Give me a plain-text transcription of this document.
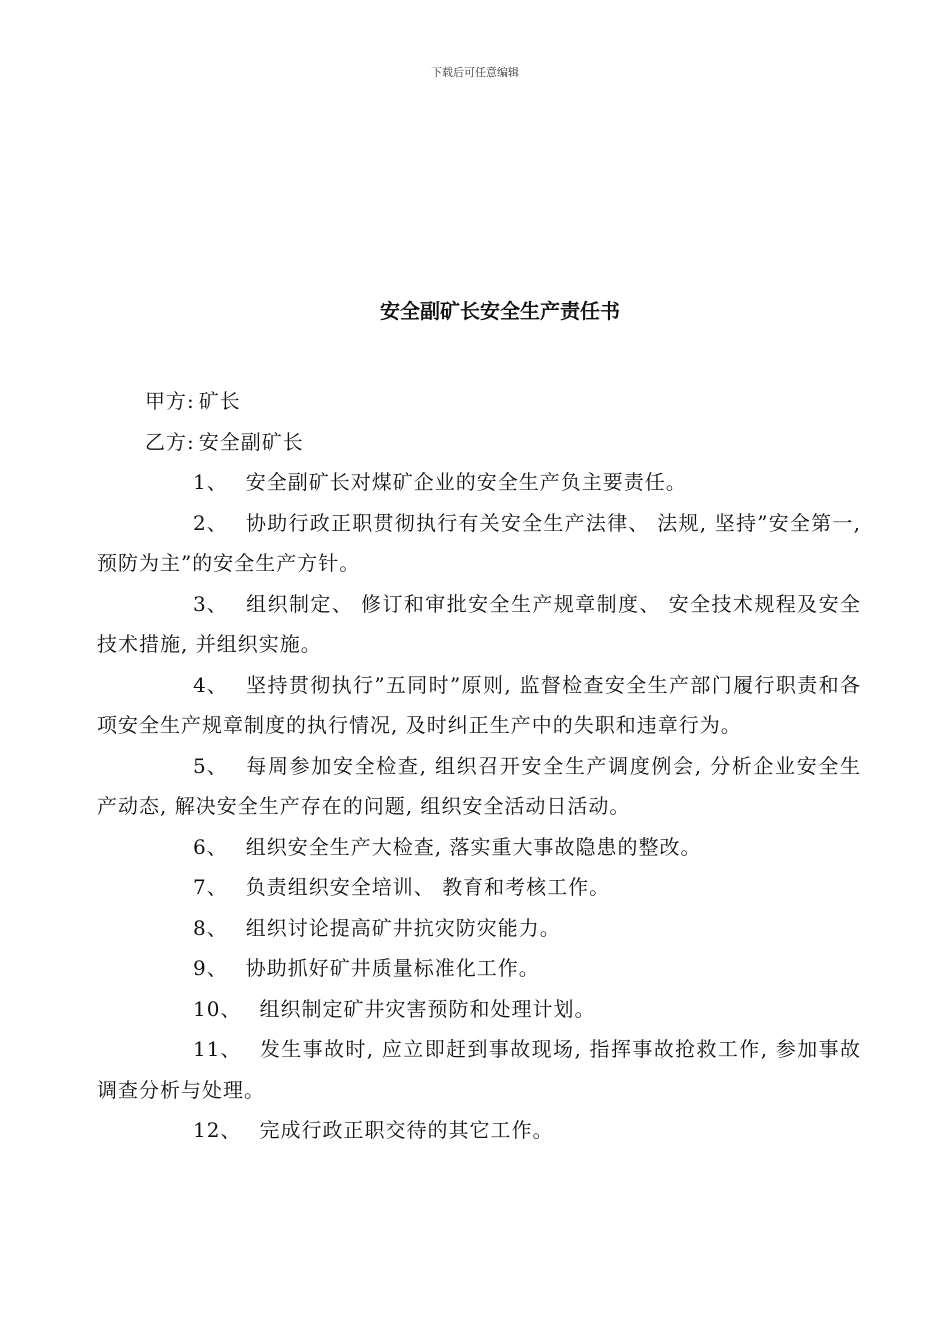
下载后可任意编辑
安全副矿长安全生产责任书

甲方: 矿长

乙方: 安全副矿长

1、 安全副矿长对煤矿企业的安全生产负主要责任。

2、 协助行政正职贯彻执行有关安全生产法律、 法规, 坚持”安全第一, 预防为主”的安全生产方针。

3、 组织制定、 修订和审批安全生产规章制度、 安全技术规程及安全技术措施, 并组织实施。

4、 坚持贯彻执行”五同时”原则, 监督检查安全生产部门履行职责和各项安全生产规章制度的执行情况, 及时纠正生产中的失职和违章行为。

5、 每周参加安全检查, 组织召开安全生产调度例会, 分析企业安全生产动态, 解决安全生产存在的问题, 组织安全活动日活动。

6、 组织安全生产大检查, 落实重大事故隐患的整改。

7、 负责组织安全培训、 教育和考核工作。

8、 组织讨论提高矿井抗灾防灾能力。

9、 协助抓好矿井质量标准化工作。

10、 组织制定矿井灾害预防和处理计划。

11、 发生事故时, 应立即赶到事故现场, 指挥事故抢救工作, 参加事故调查分析与处理。

12、 完成行政正职交待的其它工作。
